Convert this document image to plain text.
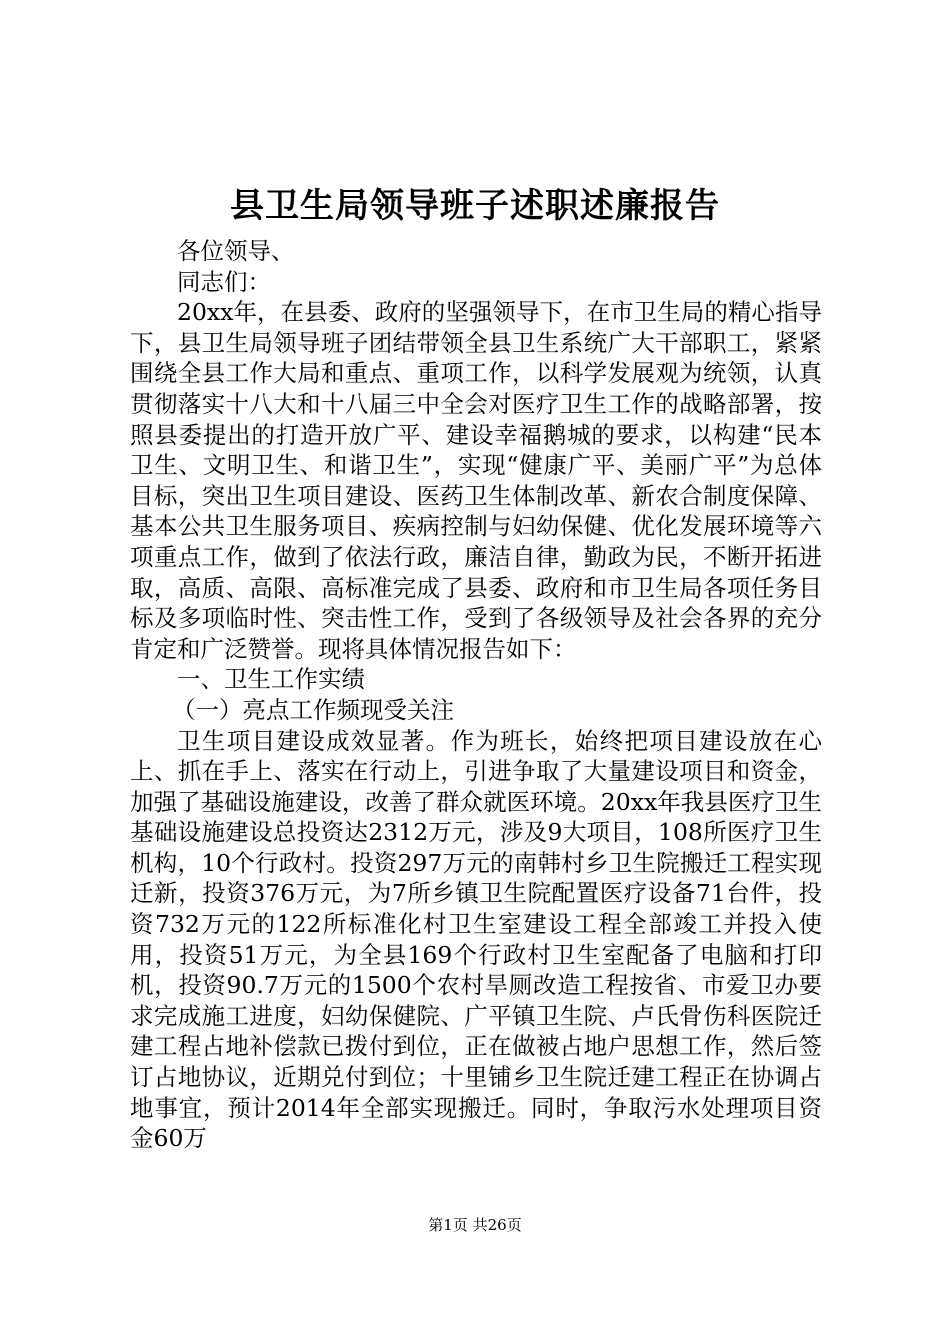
县卫生局领导班子述职述廉报告

各位领导、

同志们：

20xx年，在县委、政府的坚强领导下，在市卫生局的精心指导下，县卫生局领导班子团结带领全县卫生系统广大干部职工，紧紧围绕全县工作大局和重点、重项工作，以科学发展观为统领，认真贯彻落实十八大和十八届三中全会对医疗卫生工作的战略部署，按照县委提出的打造开放广平、建设幸福鹅城的要求，以构建“民本卫生、文明卫生、和谐卫生”，实现“健康广平、美丽广平”为总体目标，突出卫生项目建设、医药卫生体制改革、新农合制度保障、基本公共卫生服务项目、疾病控制与妇幼保健、优化发展环境等六项重点工作，做到了依法行政，廉洁自律，勤政为民，不断开拓进取，高质、高限、高标准完成了县委、政府和市卫生局各项任务目标及多项临时性、突击性工作，受到了各级领导及社会各界的充分肯定和广泛赞誉。现将具体情况报告如下：

一、卫生工作实绩

（一）亮点工作频现受关注

卫生项目建设成效显著。作为班长，始终把项目建设放在心上、抓在手上、落实在行动上，引进争取了大量建设项目和资金，加强了基础设施建设，改善了群众就医环境。20xx年我县医疗卫生基础设施建设总投资达2312万元，涉及9大项目，108所医疗卫生机构，10个行政村。投资297万元的南韩村乡卫生院搬迁工程实现迁新，投资376万元，为7所乡镇卫生院配置医疗设备71台件，投资732万元的122所标准化村卫生室建设工程全部竣工并投入使用，投资51万元，为全县169个行政村卫生室配备了电脑和打印机，投资90.7万元的1500个农村旱厕改造工程按省、市爱卫办要求完成施工进度，妇幼保健院、广平镇卫生院、卢氏骨伤科医院迁建工程占地补偿款已拨付到位，正在做被占地户思想工作，然后签订占地协议，近期兑付到位；十里铺乡卫生院迁建工程正在协调占地事宜，预计2014年全部实现搬迁。同时，争取污水处理项目资金60万

第1页 共26页
